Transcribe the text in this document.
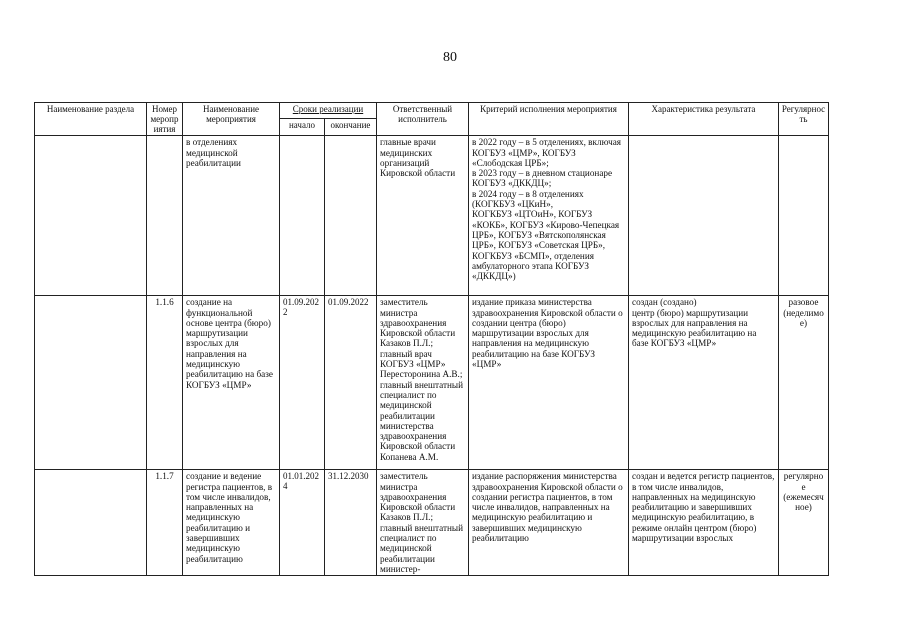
80
Наименование раздела	Номер мероприятия	Наименование мероприятия	Сроки реализации		Ответственный исполнитель	Критерий исполнения мероприятия	Характеристика результата	Регулярность
			начало	окончание				
		в отделениях медицинской реабилитации			главные врачи медицинских организаций Кировской области	в 2022 году – в 5 отделениях, включая
КОГБУЗ «ЦМР», КОГБУЗ «Слободская ЦРБ»;
в 2023 году – в дневном стационаре КОГБУЗ «ДККДЦ»;
в 2024 году – в 8 отделениях (КОГКБУЗ «ЦКиН»,
КОГКБУЗ «ЦТОиН», КОГБУЗ «КОКБ», КОГБУЗ «Кирово-Чепецкая ЦРБ», КОГБУЗ «Вятскополянская ЦРБ», КОГБУЗ «Советская ЦРБ», КОГКБУЗ «БСМП», отделения амбулаторного этапа КОГБУЗ «ДККДЦ»)		
	1.1.6	создание на функциональной основе центра (бюро) маршрутизации взрослых для направления на медицинскую реабилитацию на базе КОГБУЗ «ЦМР»	01.09.2022	01.09.2022	заместитель министра здравоохранения Кировской области Казаков П.Л.;
главный врач КОГБУЗ «ЦМР» Пересторонина А.В.;
главный внештатный специалист по медицинской реабилитации министерства здравоохранения Кировской области Копанева А.М.	издание приказа министерства здравоохранения Кировской области о создании центра (бюро) маршрутизации взрослых для направления на медицинскую реабилитацию на базе КОГБУЗ «ЦМР»	создан (создано)
центр (бюро) маршрутизации взрослых для направления на медицинскую реабилитацию на базе КОГБУЗ «ЦМР»	разовое (неделимое)
	1.1.7	создание и ведение регистра пациентов, в том числе инвалидов, направленных на медицинскую реабилитацию и завершивших медицинскую реабилитацию	01.01.2024	31.12.2030	заместитель министра здравоохранения Кировской области Казаков П.Л.;
главный внештатный специалист по медицинской реабилитации министер-	издание распоряжения министерства здравоохранения Кировской области о создании регистра пациентов, в том числе инвалидов, направленных на медицинскую реабилитацию и завершивших медицинскую реабилитацию	создан и ведется регистр пациентов, в том числе инвалидов, направленных на медицинскую реабилитацию и завершивших медицинскую реабилитацию, в режиме онлайн центром (бюро) маршрутизации взрослых	регулярное (ежемесячное)
